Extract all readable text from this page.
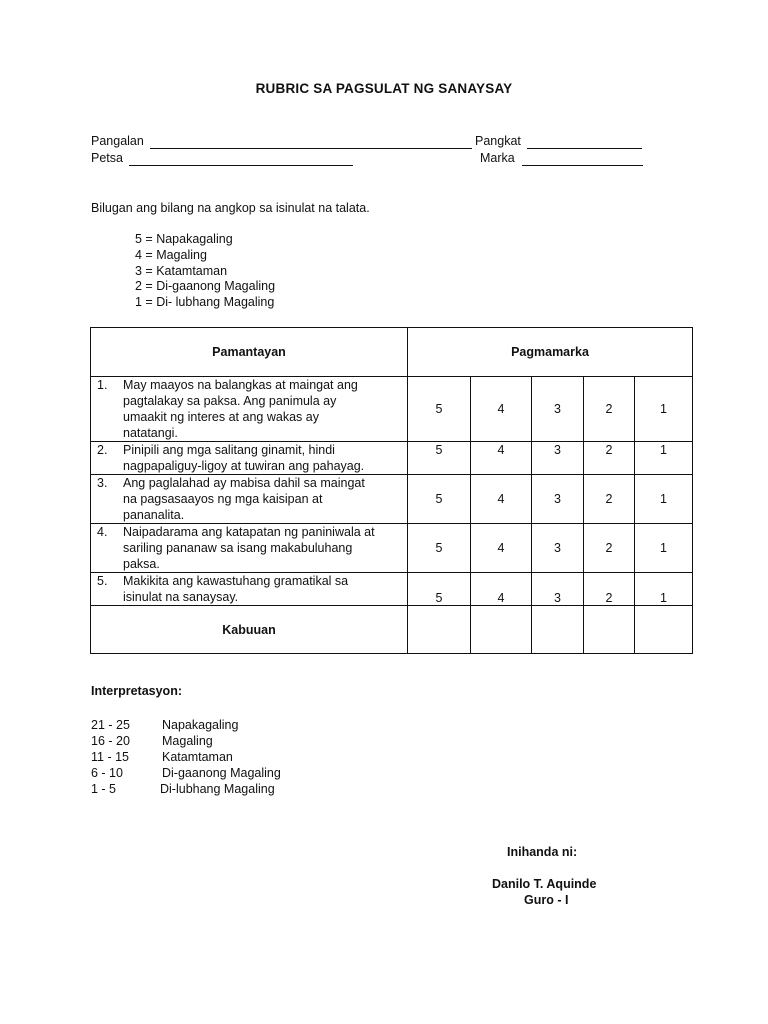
RUBRIC SA PAGSULAT NG SANAYSAY
Pangalan	Pangkat
Petsa	Marka
Bilugan ang bilang na angkop sa isinulat na talata.
5 = Napakagaling
4 = Magaling
3 = Katamtaman
2 = Di-gaanong Magaling
1 = Di- lubhang Magaling
Pamantayan	Pagmamarka				

1. May maayos na balangkas at maingat ang
pagtalakay sa paksa. Ang panimula ay
umaakit ng interes at ang wakas ay
natatangi.	5	4	3	2	1

2. Pinipili ang mga salitang ginamit, hindi
nagpapaliguy-ligoy at tuwiran ang pahayag.	5	4	3	2	1

3. Ang paglalahad ay mabisa dahil sa maingat
na pagsasaayos ng mga kaisipan at
pananalita.	5	4	3	2	1

4. Naipadarama ang katapatan ng paniniwala at
sariling pananaw sa isang makabuluhang
paksa.	5	4	3	2	1

5. Makikita ang kawastuhang gramatikal sa
isinulat na sanaysay.	5	4	3	2	1
Kabuuan					
Interpretasyon:
21 - 25	Napakagaling
16 - 20	Magaling
11 - 15	Katamtaman
6 - 10	Di-gaanong Magaling
1 - 5	Di-lubhang Magaling
Inihanda ni:
Danilo T. Aquinde
Guro - I
